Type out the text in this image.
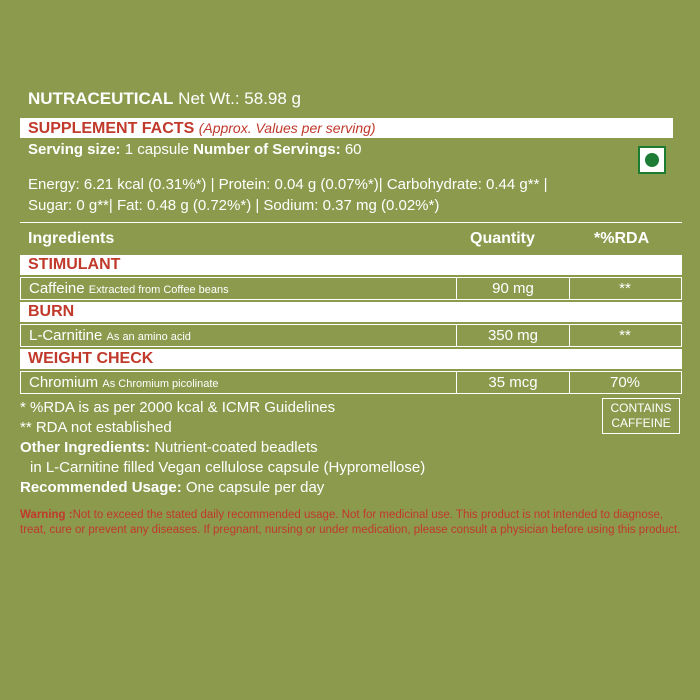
NUTRACEUTICAL Net Wt.: 58.98 g
SUPPLEMENT FACTS (Approx. Values per serving)
Serving size: 1 capsule Number of Servings: 60
Energy: 6.21 kcal (0.31%*) | Protein: 0.04 g (0.07%*)| Carbohydrate: 0.44 g** |
Sugar: 0 g**| Fat: 0.48 g (0.72%*) | Sodium: 0.37 mg (0.02%*)
Ingredients	Quantity	*%RDA
STIMULANT
Caffeine Extracted from Coffee beans	90 mg	**
BURN
L-Carnitine As an amino acid	350 mg	**
WEIGHT CHECK
Chromium As Chromium picolinate	35 mcg	70%
* %RDA is as per 2000 kcal & ICMR Guidelines
** RDA not established
Other Ingredients: Nutrient-coated beadlets
in L-Carnitine filled Vegan cellulose capsule (Hypromellose)
Recommended Usage: One capsule per day
CONTAINS
CAFFEINE
Warning :Not to exceed the stated daily recommended usage. Not for medicinal use. This product is not intended to diagnose, treat, cure or prevent any diseases. If pregnant, nursing or under medication, please consult a physician before using this product.
